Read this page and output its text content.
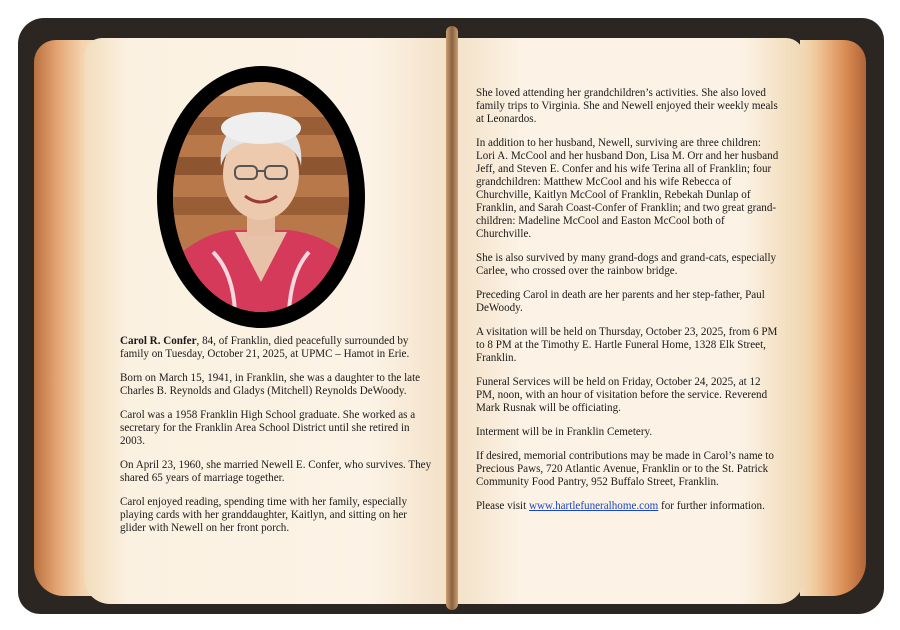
Carol R. Confer, 84, of Franklin, died peacefully surrounded by family on Tuesday, October 21, 2025, at UPMC – Hamot in Erie.

Born on March 15, 1941, in Franklin, she was a daughter to the late Charles B. Reynolds and Gladys (Mitchell) Reynolds DeWoody.

Carol was a 1958 Franklin High School graduate. She worked as a secretary for the Franklin Area School District until she retired in 2003.

On April 23, 1960, she married Newell E. Confer, who survives. They shared 65 years of marriage together.

Carol enjoyed reading, spending time with her family, especially playing cards with her granddaughter, Kaitlyn, and sitting on her glider with Newell on her front porch.

She loved attending her grandchildren’s activities. She also loved family trips to Virginia. She and Newell enjoyed their weekly meals at Leonardos.

In addition to her husband, Newell, surviving are three children: Lori A. McCool and her husband Don, Lisa M. Orr and her husband Jeff, and Steven E. Confer and his wife Terina all of Franklin; four grandchildren: Matthew McCool and his wife Rebecca of Churchville, Kaitlyn McCool of Franklin, Rebekah Dunlap of Franklin, and Sarah Coast-Confer of Franklin; and two great grand-children: Madeline McCool and Easton McCool both of Churchville.

She is also survived by many grand-dogs and grand-cats, especially Carlee, who crossed over the rainbow bridge.

Preceding Carol in death are her parents and her step-father, Paul DeWoody.

A visitation will be held on Thursday, October 23, 2025, from 6 PM to 8 PM at the Timothy E. Hartle Funeral Home, 1328 Elk Street, Franklin.

Funeral Services will be held on Friday, October 24, 2025, at 12 PM, noon, with an hour of visitation before the service. Reverend Mark Rusnak will be officiating.

Interment will be in Franklin Cemetery.

If desired, memorial contributions may be made in Carol’s name to Precious Paws, 720 Atlantic Avenue, Franklin or to the St. Patrick Community Food Pantry, 952 Buffalo Street, Franklin.

Please visit www.hartlefuneralhome.com for further information.
